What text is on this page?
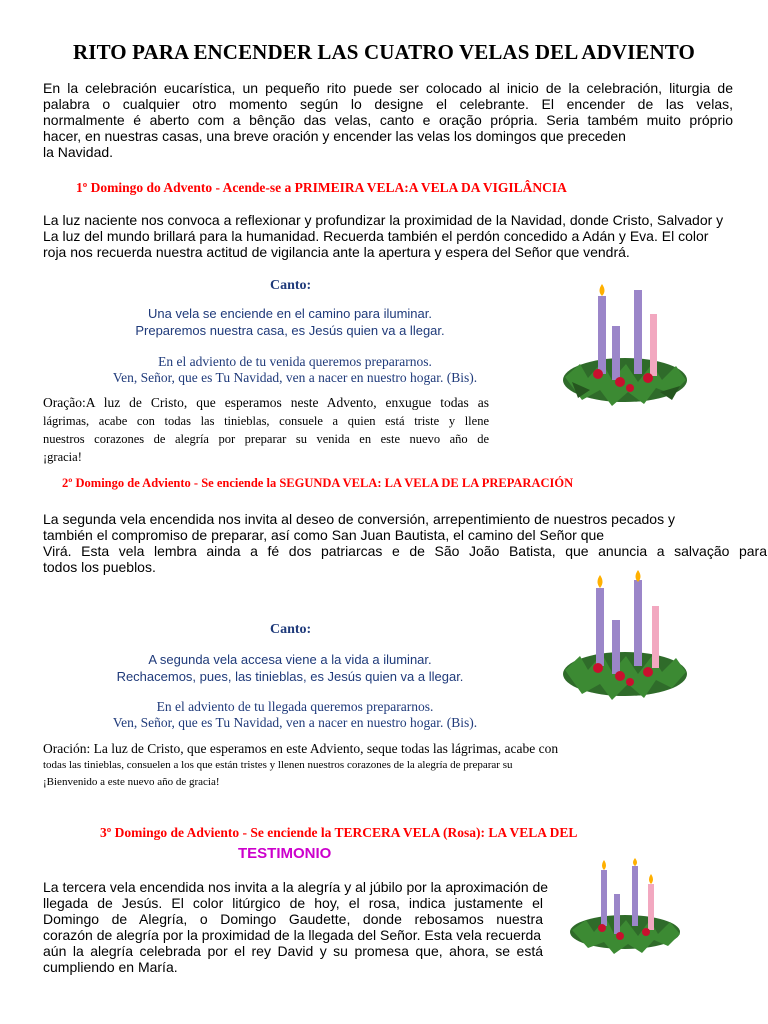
RITO PARA ENCENDER LAS CUATRO VELAS DEL ADVIENTO
En la celebración eucarística, un pequeño rito puede ser colocado al inicio de la celebración, liturgia de
palabra o cualquier otro momento según lo designe el celebrante. El encender de las velas,
normalmente é aberto com a bênção das velas, canto e oração própria. Seria também muito próprio
hacer, en nuestras casas, una breve oración y encender las velas los domingos que preceden
la Navidad.
1º Domingo do Advento - Acende-se a PRIMEIRA VELA:A VELA DA VIGILÂNCIA
La luz naciente nos convoca a reflexionar y profundizar la proximidad de la Navidad, donde Cristo, Salvador y
La luz del mundo brillará para la humanidad. Recuerda también el perdón concedido a Adán y Eva. El color
roja nos recuerda nuestra actitud de vigilancia ante la apertura y espera del Señor que vendrá.
Canto:
Una vela se enciende en el camino para iluminar.
Preparemos nuestra casa, es Jesús quien va a llegar.
En el adviento de tu venida queremos prepararnos.
Ven, Señor, que es Tu Navidad, ven a nacer en nuestro hogar. (Bis).
Oração:A luz de Cristo, que esperamos neste Advento, enxugue todas as
lágrimas, acabe con todas las tinieblas, consuele a quien está triste y llene
nuestros corazones de alegría por preparar su venida en este nuevo año de
¡gracia!
2º Domingo de Adviento - Se enciende la SEGUNDA VELA: LA VELA DE LA PREPARACIÓN
La segunda vela encendida nos invita al deseo de conversión, arrepentimiento de nuestros pecados y
también el compromiso de preparar, así como San Juan Bautista, el camino del Señor que
Virá. Esta vela lembra ainda a fé dos patriarcas e de São João Batista, que anuncia a salvação para
todos los pueblos.
Canto:
A segunda vela accesa viene a la vida a iluminar.
Rechacemos, pues, las tinieblas, es Jesús quien va a llegar.
En el adviento de tu llegada queremos prepararnos.
Ven, Señor, que es Tu Navidad, ven a nacer en nuestro hogar. (Bis).
Oración: La luz de Cristo, que esperamos en este Adviento, seque todas las lágrimas, acabe con
todas las tinieblas, consuelen a los que están tristes y llenen nuestros corazones de la alegría de preparar su
¡Bienvenido a este nuevo año de gracia!
3º Domingo de Adviento - Se enciende la TERCERA VELA (Rosa): LA VELA DEL
TESTIMONIO
La tercera vela encendida nos invita a la alegría y al júbilo por la aproximación de
llegada de Jesús. El color litúrgico de hoy, el rosa, indica justamente el
Domingo de Alegría, o Domingo Gaudette, donde rebosamos nuestra
corazón de alegría por la proximidad de la llegada del Señor. Esta vela recuerda
aún la alegría celebrada por el rey David y su promesa que, ahora, se está
cumpliendo en María.
